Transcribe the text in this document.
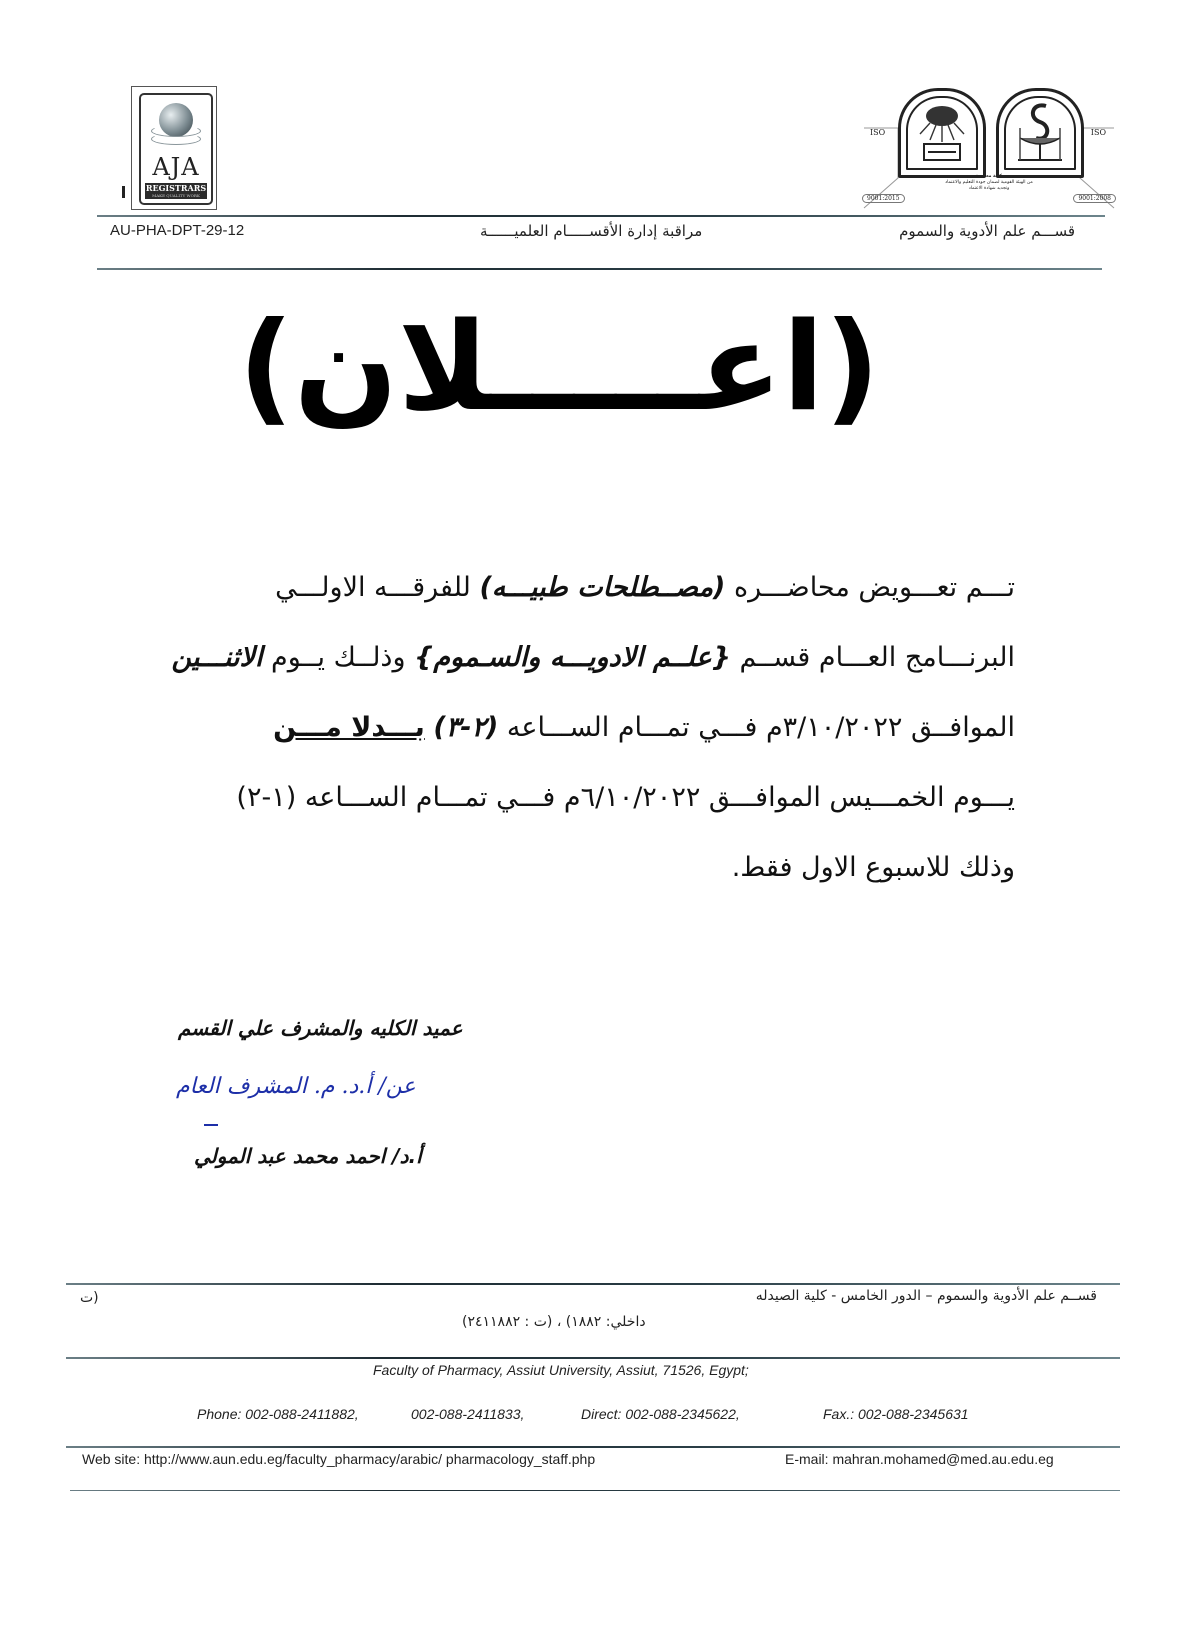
AJA
REGISTRARS
MAKE QUALITY WORK
ISO	ISO
كلية معتمدة
من الهيئة القومية لضمان جودة التعليم والاعتماد
وتجديد شهادة الاعتماد
9001:2015	9001:2008
AU-PHA-DPT-29-12	مراقبة إدارة الأقســـــام العلميــــــة	قســـم علم الأدوية والسموم
(اعـــــلان)
تـــم تعـــويض محاضـــره (مصــطلحات طبيـــه) للفرقـــه الاولـــي
البرنـــامج العـــام قســم {علــم الادويـــه والسـموم} وذلــك يــوم الاثنـــين
الموافــق ٣/١٠/٢٠٢٢م فـــي تمـــام الســـاعه (٢-٣) بـــدلا مـــن
يـــوم الخمـــيس الموافـــق ٦/١٠/٢٠٢٢م فـــي تمـــام الســـاعه (١-٢)
وذلك للاسبوع الاول فقط.
عميد الكليه والمشرف علي القسم
عن/ أ.د. م. المشرف العام
أ.د/ احمد محمد عبد المولي
قســم علم الأدوية والسموم – الدور الخامس - كلية الصيدله
(ت
داخلي: ١٨٨٢) ، (ت : ٢٤١١٨٨٢)
Faculty of Pharmacy, Assiut University, Assiut, 71526, Egypt;
Phone: 002-088-2411882,	002-088-2411833,	Direct: 002-088-2345622,	Fax.: 002-088-2345631
Web site: http://www.aun.edu.eg/faculty_pharmacy/arabic/ pharmacology_staff.php	E-mail: mahran.mohamed@med.au.edu.eg
